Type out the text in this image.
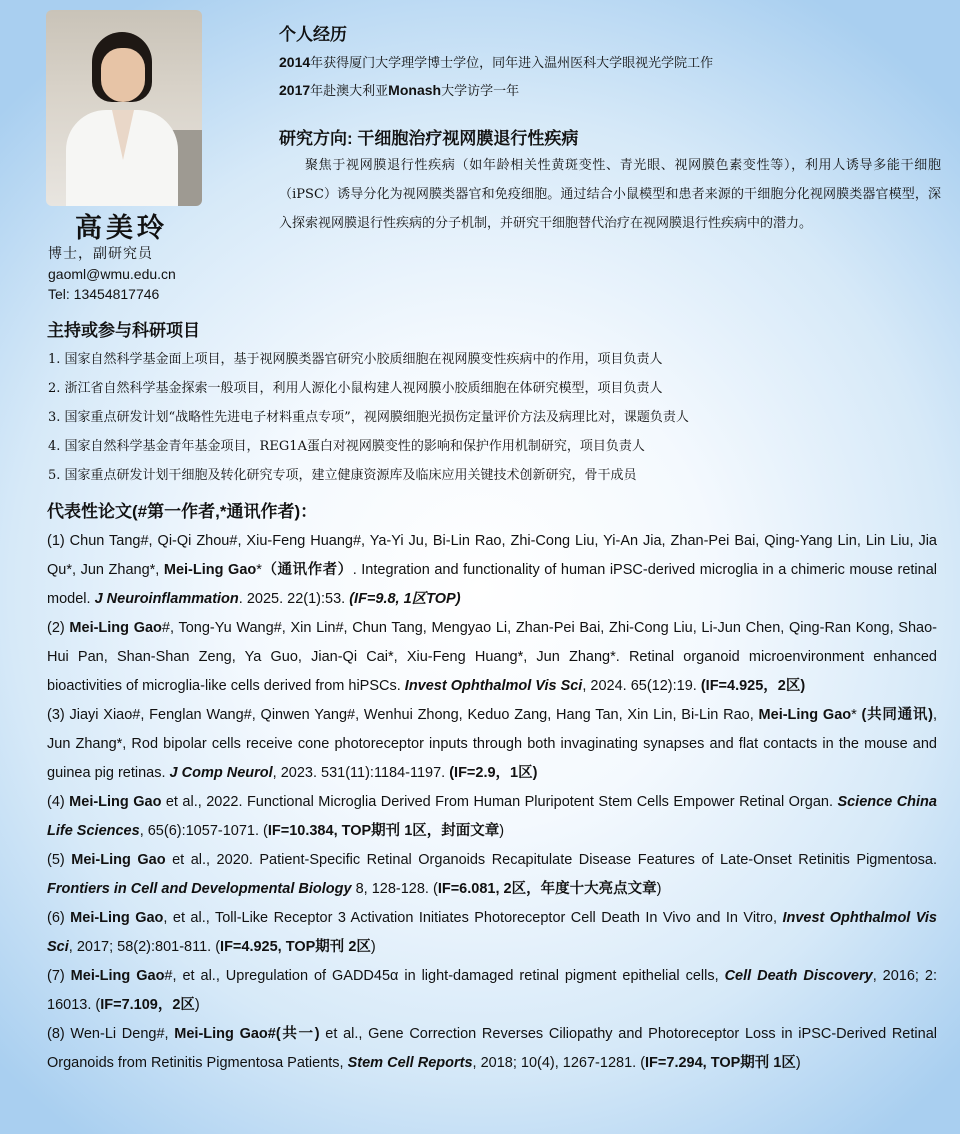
高美玲
博士，副研究员
gaoml@wmu.edu.cn
Tel: 13454817746
个人经历
2014年获得厦门大学理学博士学位，同年进入温州医科大学眼视光学院工作
2017年赴澳大利亚Monash大学访学一年
研究方向: 干细胞治疗视网膜退行性疾病
聚焦于视网膜退行性疾病（如年龄相关性黄斑变性、青光眼、视网膜色素变性等），利用人诱导多能干细胞（iPSC）诱导分化为视网膜类器官和免疫细胞。通过结合小鼠模型和患者来源的干细胞分化视网膜类器官模型，深入探索视网膜退行性疾病的分子机制，并研究干细胞替代治疗在视网膜退行性疾病中的潜力。
主持或参与科研项目
1. 国家自然科学基金面上项目，基于视网膜类器官研究小胶质细胞在视网膜变性疾病中的作用，项目负责人
2. 浙江省自然科学基金探索一般项目，利用人源化小鼠构建人视网膜小胶质细胞在体研究模型，项目负责人
3. 国家重点研发计划“战略性先进电子材料重点专项”，视网膜细胞光损伤定量评价方法及病理比对，课题负责人
4. 国家自然科学基金青年基金项目，REG1A蛋白对视网膜变性的影响和保护作用机制研究，项目负责人
5. 国家重点研发计划干细胞及转化研究专项，建立健康资源库及临床应用关键技术创新研究，骨干成员
代表性论文(#第一作者,*通讯作者)：

(1) Chun Tang#, Qi-Qi Zhou#, Xiu-Feng Huang#, Ya-Yi Ju, Bi-Lin Rao, Zhi-Cong Liu, Yi-An Jia, Zhan-Pei Bai, Qing-Yang Lin, Lin Liu, Jia Qu*, Jun Zhang*, Mei-Ling Gao*（通讯作者）. Integration and functionality of human iPSC-derived microglia in a chimeric mouse retinal model. J Neuroinflammation. 2025. 22(1):53. (IF=9.8, 1区TOP)

(2) Mei-Ling Gao#, Tong-Yu Wang#, Xin Lin#, Chun Tang, Mengyao Li, Zhan-Pei Bai, Zhi-Cong Liu, Li-Jun Chen, Qing-Ran Kong, Shao-Hui Pan, Shan-Shan Zeng, Ya Guo, Jian-Qi Cai*, Xiu-Feng Huang*, Jun Zhang*. Retinal organoid microenvironment enhanced bioactivities of microglia-like cells derived from hiPSCs. Invest Ophthalmol Vis Sci, 2024. 65(12):19. (IF=4.925，2区)

(3) Jiayi Xiao#, Fenglan Wang#, Qinwen Yang#, Wenhui Zhong, Keduo Zang, Hang Tan, Xin Lin, Bi-Lin Rao, Mei-Ling Gao* (共同通讯), Jun Zhang*, Rod bipolar cells receive cone photoreceptor inputs through both invaginating synapses and flat contacts in the mouse and guinea pig retinas. J Comp Neurol, 2023. 531(11):1184-1197. (IF=2.9，1区)

(4) Mei-Ling Gao et al., 2022. Functional Microglia Derived From Human Pluripotent Stem Cells Empower Retinal Organ. Science China Life Sciences, 65(6):1057-1071. (IF=10.384, TOP期刊 1区，封面文章)

(5) Mei-Ling Gao et al., 2020. Patient-Specific Retinal Organoids Recapitulate Disease Features of Late-Onset Retinitis Pigmentosa. Frontiers in Cell and Developmental Biology 8, 128-128. (IF=6.081, 2区，年度十大亮点文章)

(6) Mei-Ling Gao, et al., Toll-Like Receptor 3 Activation Initiates Photoreceptor Cell Death In Vivo and In Vitro, Invest Ophthalmol Vis Sci, 2017; 58(2):801-811. (IF=4.925, TOP期刊 2区)

(7) Mei-Ling Gao#, et al., Upregulation of GADD45α in light-damaged retinal pigment epithelial cells, Cell Death Discovery, 2016; 2: 16013. (IF=7.109，2区)

(8) Wen-Li Deng#, Mei-Ling Gao#(共一) et al., Gene Correction Reverses Ciliopathy and Photoreceptor Loss in iPSC-Derived Retinal Organoids from Retinitis Pigmentosa Patients, Stem Cell Reports, 2018; 10(4), 1267-1281. (IF=7.294, TOP期刊 1区)
